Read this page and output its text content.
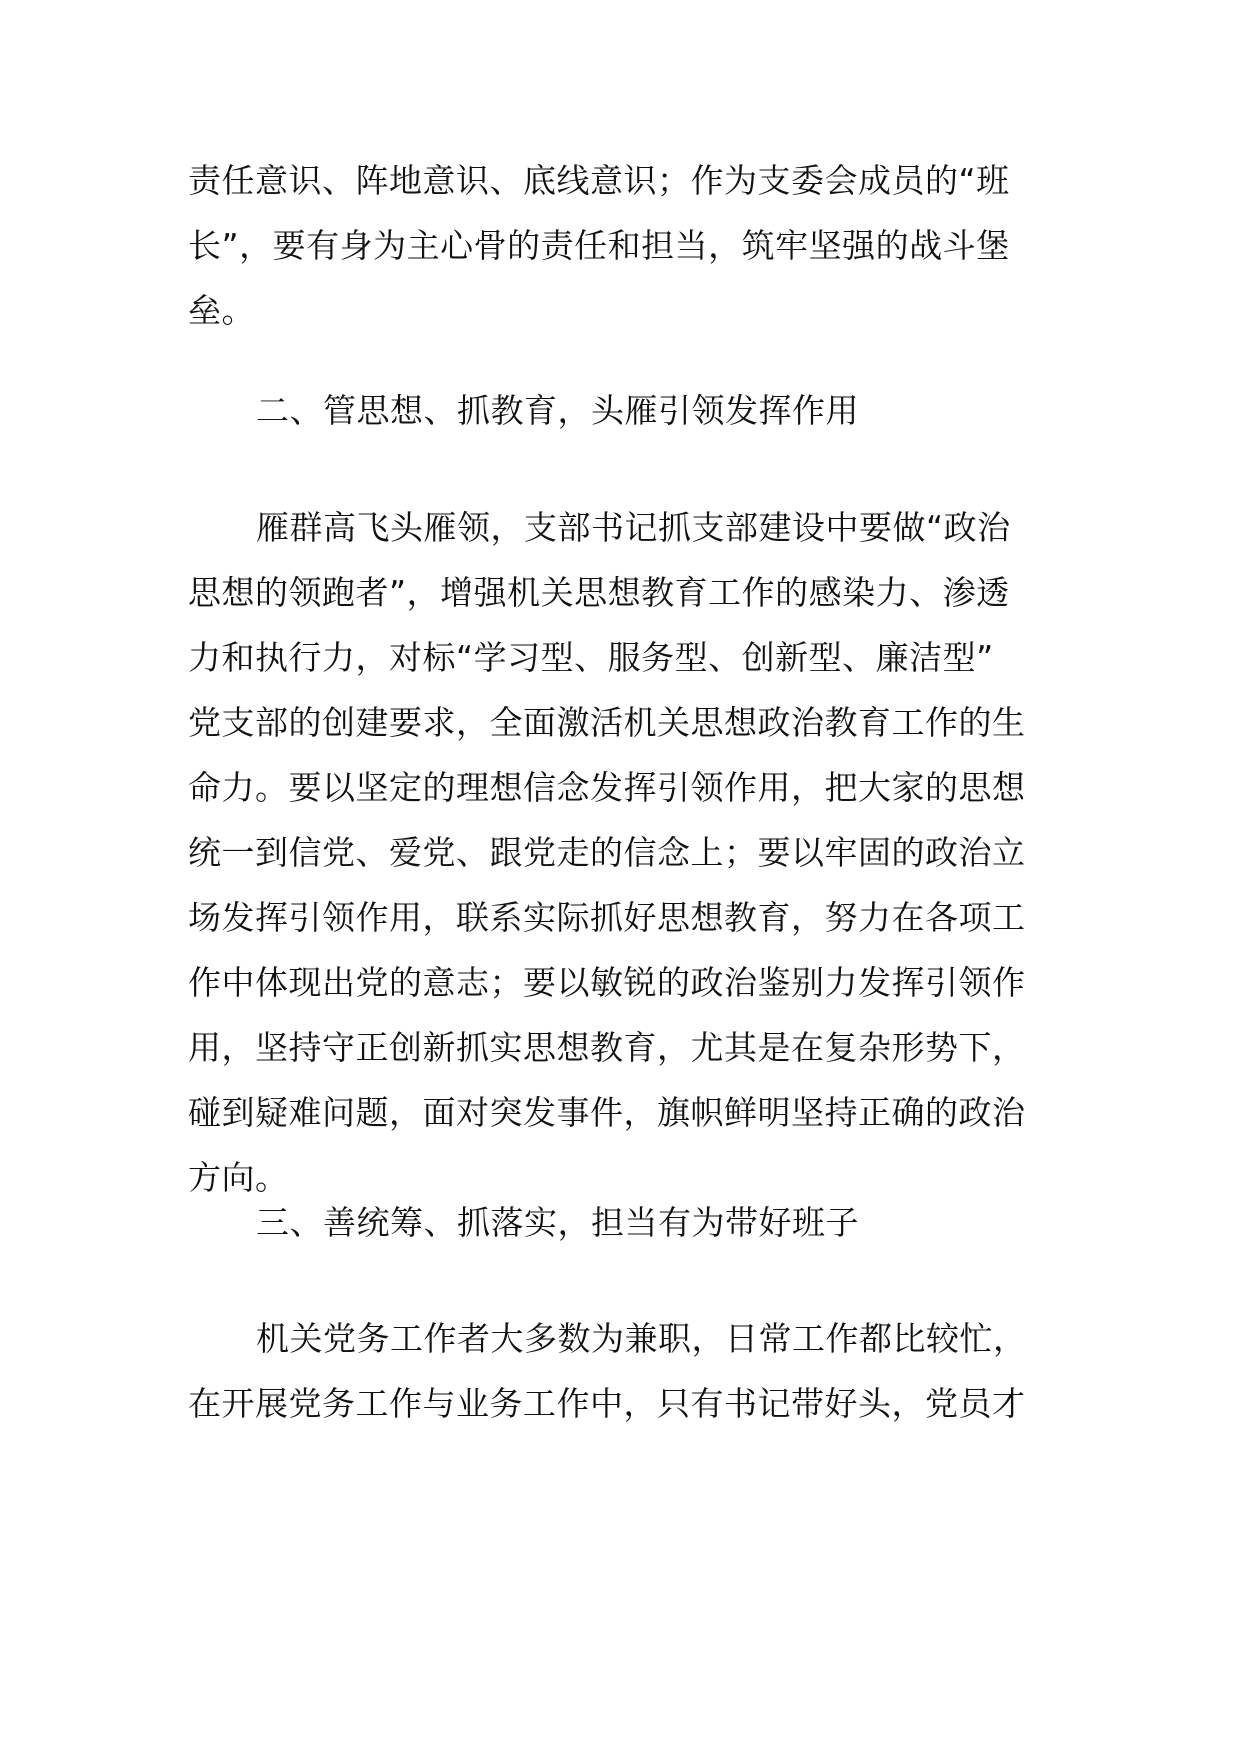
责任意识、阵地意识、底线意识；作为支委会成员的“班
长”，要有身为主心骨的责任和担当，筑牢坚强的战斗堡
垒。
二、管思想、抓教育，头雁引领发挥作用
雁群高飞头雁领，支部书记抓支部建设中要做“政治
思想的领跑者”，增强机关思想教育工作的感染力、渗透
力和执行力，对标“学习型、服务型、创新型、廉洁型”
党支部的创建要求，全面激活机关思想政治教育工作的生
命力。要以坚定的理想信念发挥引领作用，把大家的思想
统一到信党、爱党、跟党走的信念上；要以牢固的政治立
场发挥引领作用，联系实际抓好思想教育，努力在各项工
作中体现出党的意志；要以敏锐的政治鉴别力发挥引领作
用，坚持守正创新抓实思想教育，尤其是在复杂形势下，
碰到疑难问题，面对突发事件，旗帜鲜明坚持正确的政治
方向。
三、善统筹、抓落实，担当有为带好班子
机关党务工作者大多数为兼职，日常工作都比较忙，
在开展党务工作与业务工作中，只有书记带好头，党员才
